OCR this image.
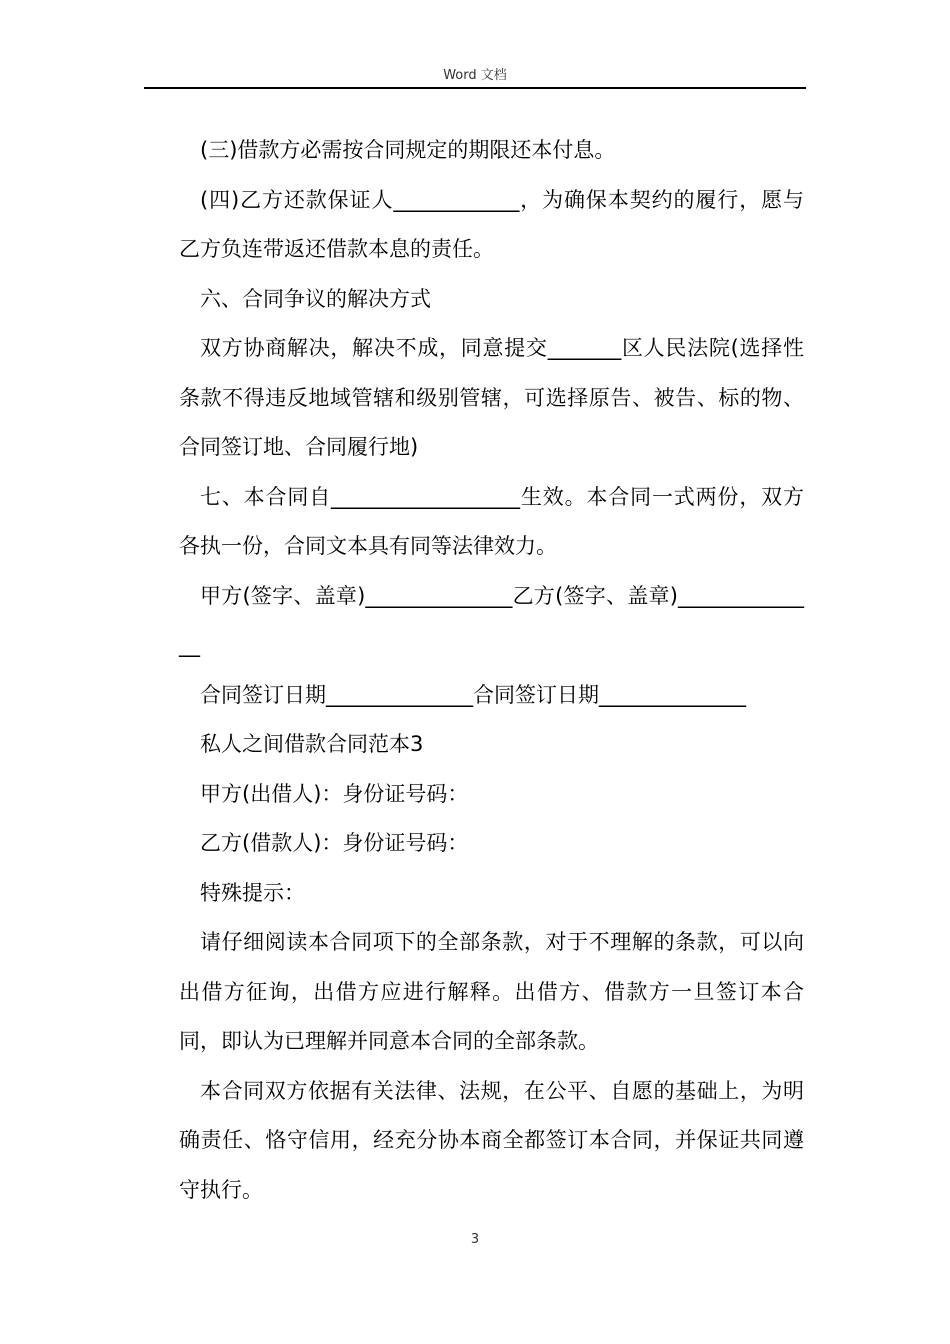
Word 文档

(三)借款方必需按合同规定的期限还本付息。

(四)乙方还款保证人____________，为确保本契约的履行，愿与乙方负连带返还借款本息的责任。

六、合同争议的解决方式

双方协商解决，解决不成，同意提交_______区人民法院(选择性条款不得违反地域管辖和级别管辖，可选择原告、被告、标的物、合同签订地、合同履行地)

七、本合同自__________________生效。本合同一式两份，双方各执一份，合同文本具有同等法律效力。

甲方(签字、盖章)______________乙方(签字、盖章)______________

合同签订日期______________合同签订日期______________

私人之间借款合同范本3

甲方(出借人)：身份证号码：

乙方(借款人)：身份证号码：

特殊提示：

请仔细阅读本合同项下的全部条款，对于不理解的条款，可以向出借方征询，出借方应进行解释。出借方、借款方一旦签订本合同，即认为已理解并同意本合同的全部条款。

本合同双方依据有关法律、法规，在公平、自愿的基础上，为明确责任、恪守信用，经充分协本商全都签订本合同，并保证共同遵守执行。

3
